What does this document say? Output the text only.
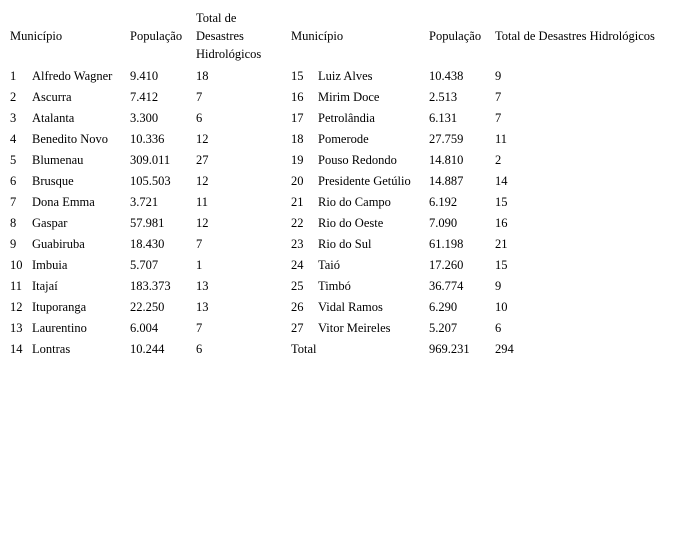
Município		População	Total de Desastres Hidrológicos	Município		População	Total de Desastres Hidrológicos
1	Alfredo Wagner	9.410	18	15	Luiz Alves	10.438	9
2	Ascurra	7.412	7	16	Mirim Doce	2.513	7
3	Atalanta	3.300	6	17	Petrolândia	6.131	7
4	Benedito Novo	10.336	12	18	Pomerode	27.759	11
5	Blumenau	309.011	27	19	Pouso Redondo	14.810	2
6	Brusque	105.503	12	20	Presidente Getúlio	14.887	14
7	Dona Emma	3.721	11	21	Rio do Campo	6.192	15
8	Gaspar	57.981	12	22	Rio do Oeste	7.090	16
9	Guabiruba	18.430	7	23	Rio do Sul	61.198	21
10	Imbuia	5.707	1	24	Taió	17.260	15
11	Itajaí	183.373	13	25	Timbó	36.774	9
12	Ituporanga	22.250	13	26	Vidal Ramos	6.290	10
13	Laurentino	6.004	7	27	Vitor Meireles	5.207	6
14	Lontras	10.244	6	Total		969.231	294
